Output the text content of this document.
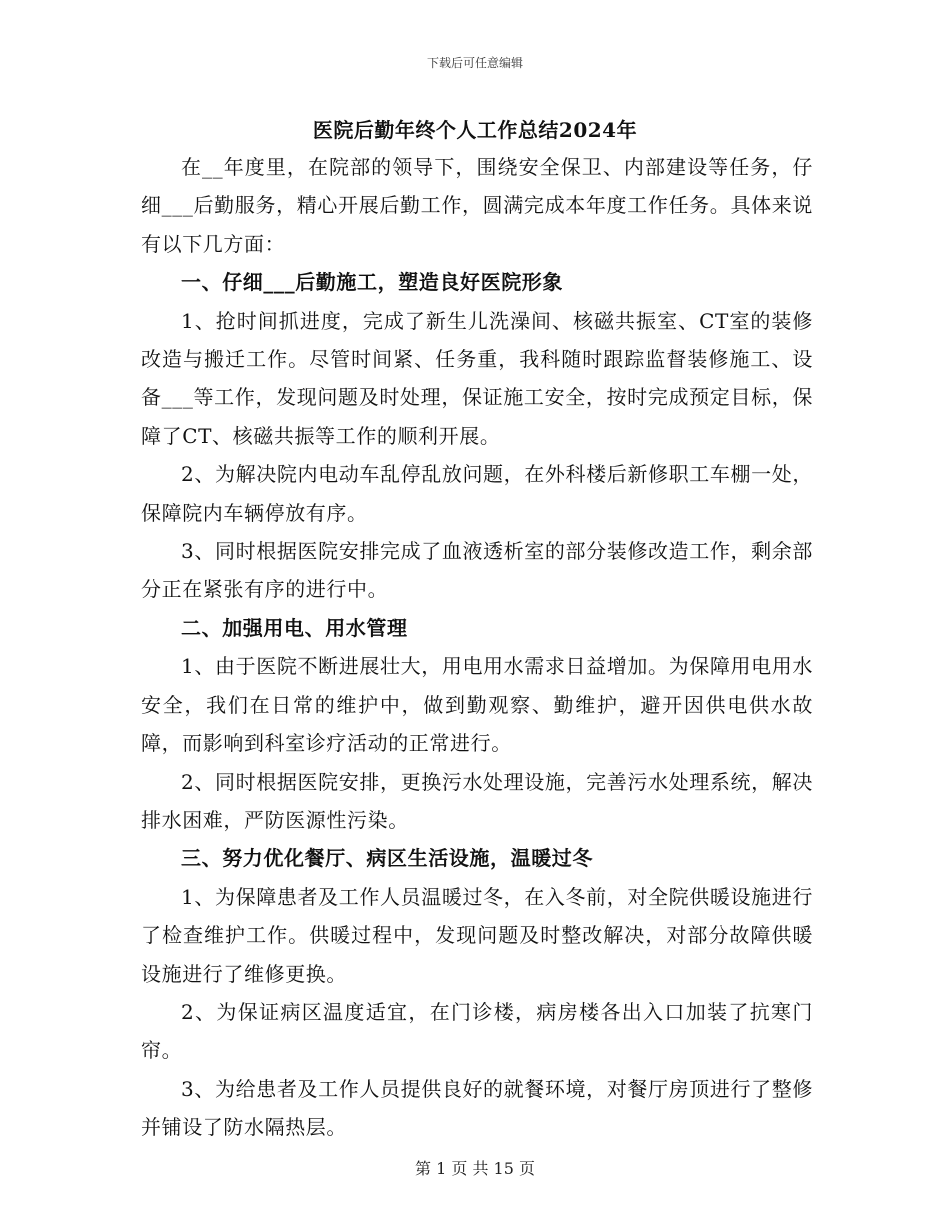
下载后可任意编辑
医院后勤年终个人工作总结2024年

在__年度里，在院部的领导下，围绕安全保卫、内部建设等任务，仔细___后勤服务，精心开展后勤工作，圆满完成本年度工作任务。具体来说有以下几方面：

一、仔细___后勤施工，塑造良好医院形象

1、抢时间抓进度，完成了新生儿洗澡间、核磁共振室、CT室的装修改造与搬迁工作。尽管时间紧、任务重，我科随时跟踪监督装修施工、设备___等工作，发现问题及时处理，保证施工安全，按时完成预定目标，保障了CT、核磁共振等工作的顺利开展。

2、为解决院内电动车乱停乱放问题，在外科楼后新修职工车棚一处，保障院内车辆停放有序。

3、同时根据医院安排完成了血液透析室的部分装修改造工作，剩余部分正在紧张有序的进行中。

二、加强用电、用水管理

1、由于医院不断进展壮大，用电用水需求日益增加。为保障用电用水安全，我们在日常的维护中，做到勤观察、勤维护，避开因供电供水故障，而影响到科室诊疗活动的正常进行。

2、同时根据医院安排，更换污水处理设施，完善污水处理系统，解决排水困难，严防医源性污染。

三、努力优化餐厅、病区生活设施，温暖过冬

1、为保障患者及工作人员温暖过冬，在入冬前，对全院供暖设施进行了检查维护工作。供暖过程中，发现问题及时整改解决，对部分故障供暖设施进行了维修更换。

2、为保证病区温度适宜，在门诊楼，病房楼各出入口加装了抗寒门帘。

3、为给患者及工作人员提供良好的就餐环境，对餐厅房顶进行了整修并铺设了防水隔热层。

第 1 页 共 15 页
